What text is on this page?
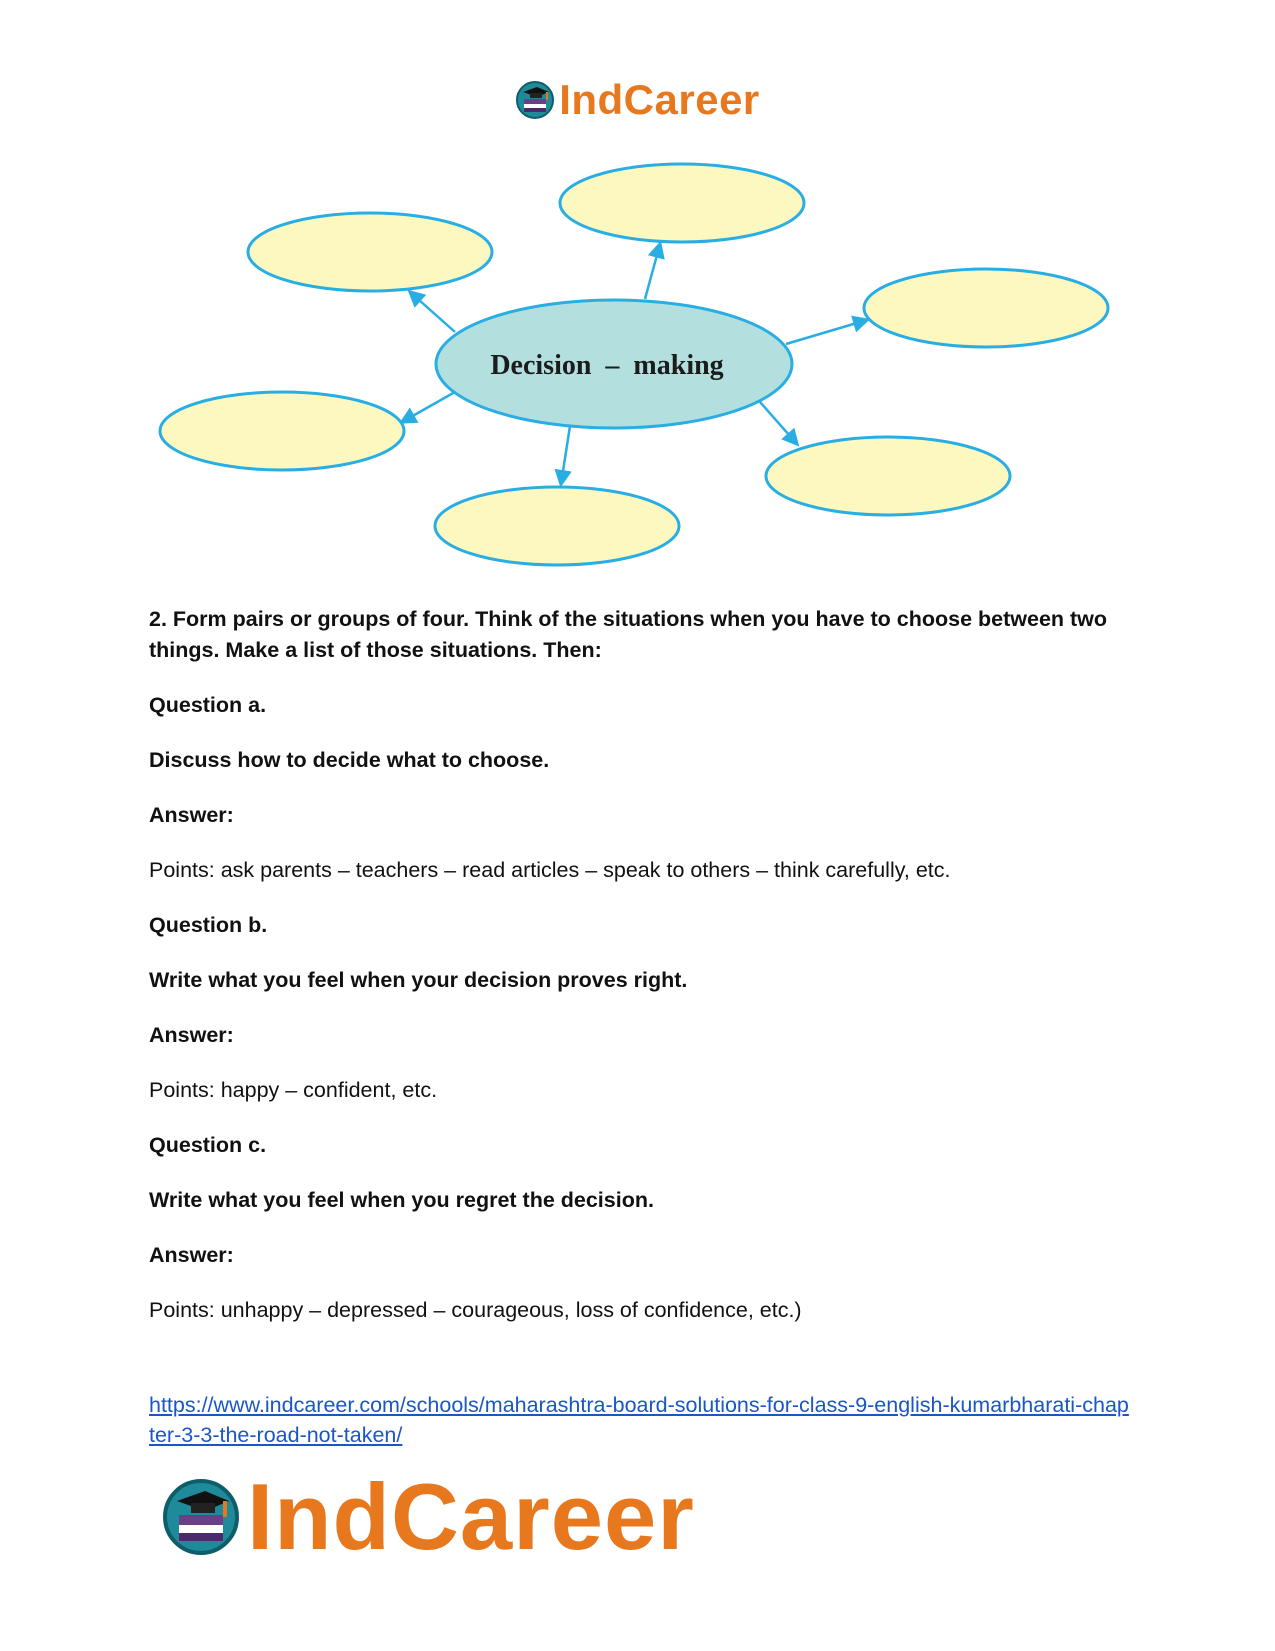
IndCareer
Decision  –  making

2. Form pairs or groups of four. Think of the situations when you have to choose between two things. Make a list of those situations. Then:

Question a.

Discuss how to decide what to choose.

Answer:

Points: ask parents – teachers – read articles – speak to others – think carefully, etc.

Question b.

Write what you feel when your decision proves right.

Answer:

Points: happy – confident, etc.

Question c.

Write what you feel when you regret the decision.

Answer:

Points: unhappy – depressed – courageous, loss of confidence, etc.)

https://www.indcareer.com/schools/maharashtra-board-solutions-for-class-9-english-kumarbharati-chapter-3-3-the-road-not-taken/
IndCareer
